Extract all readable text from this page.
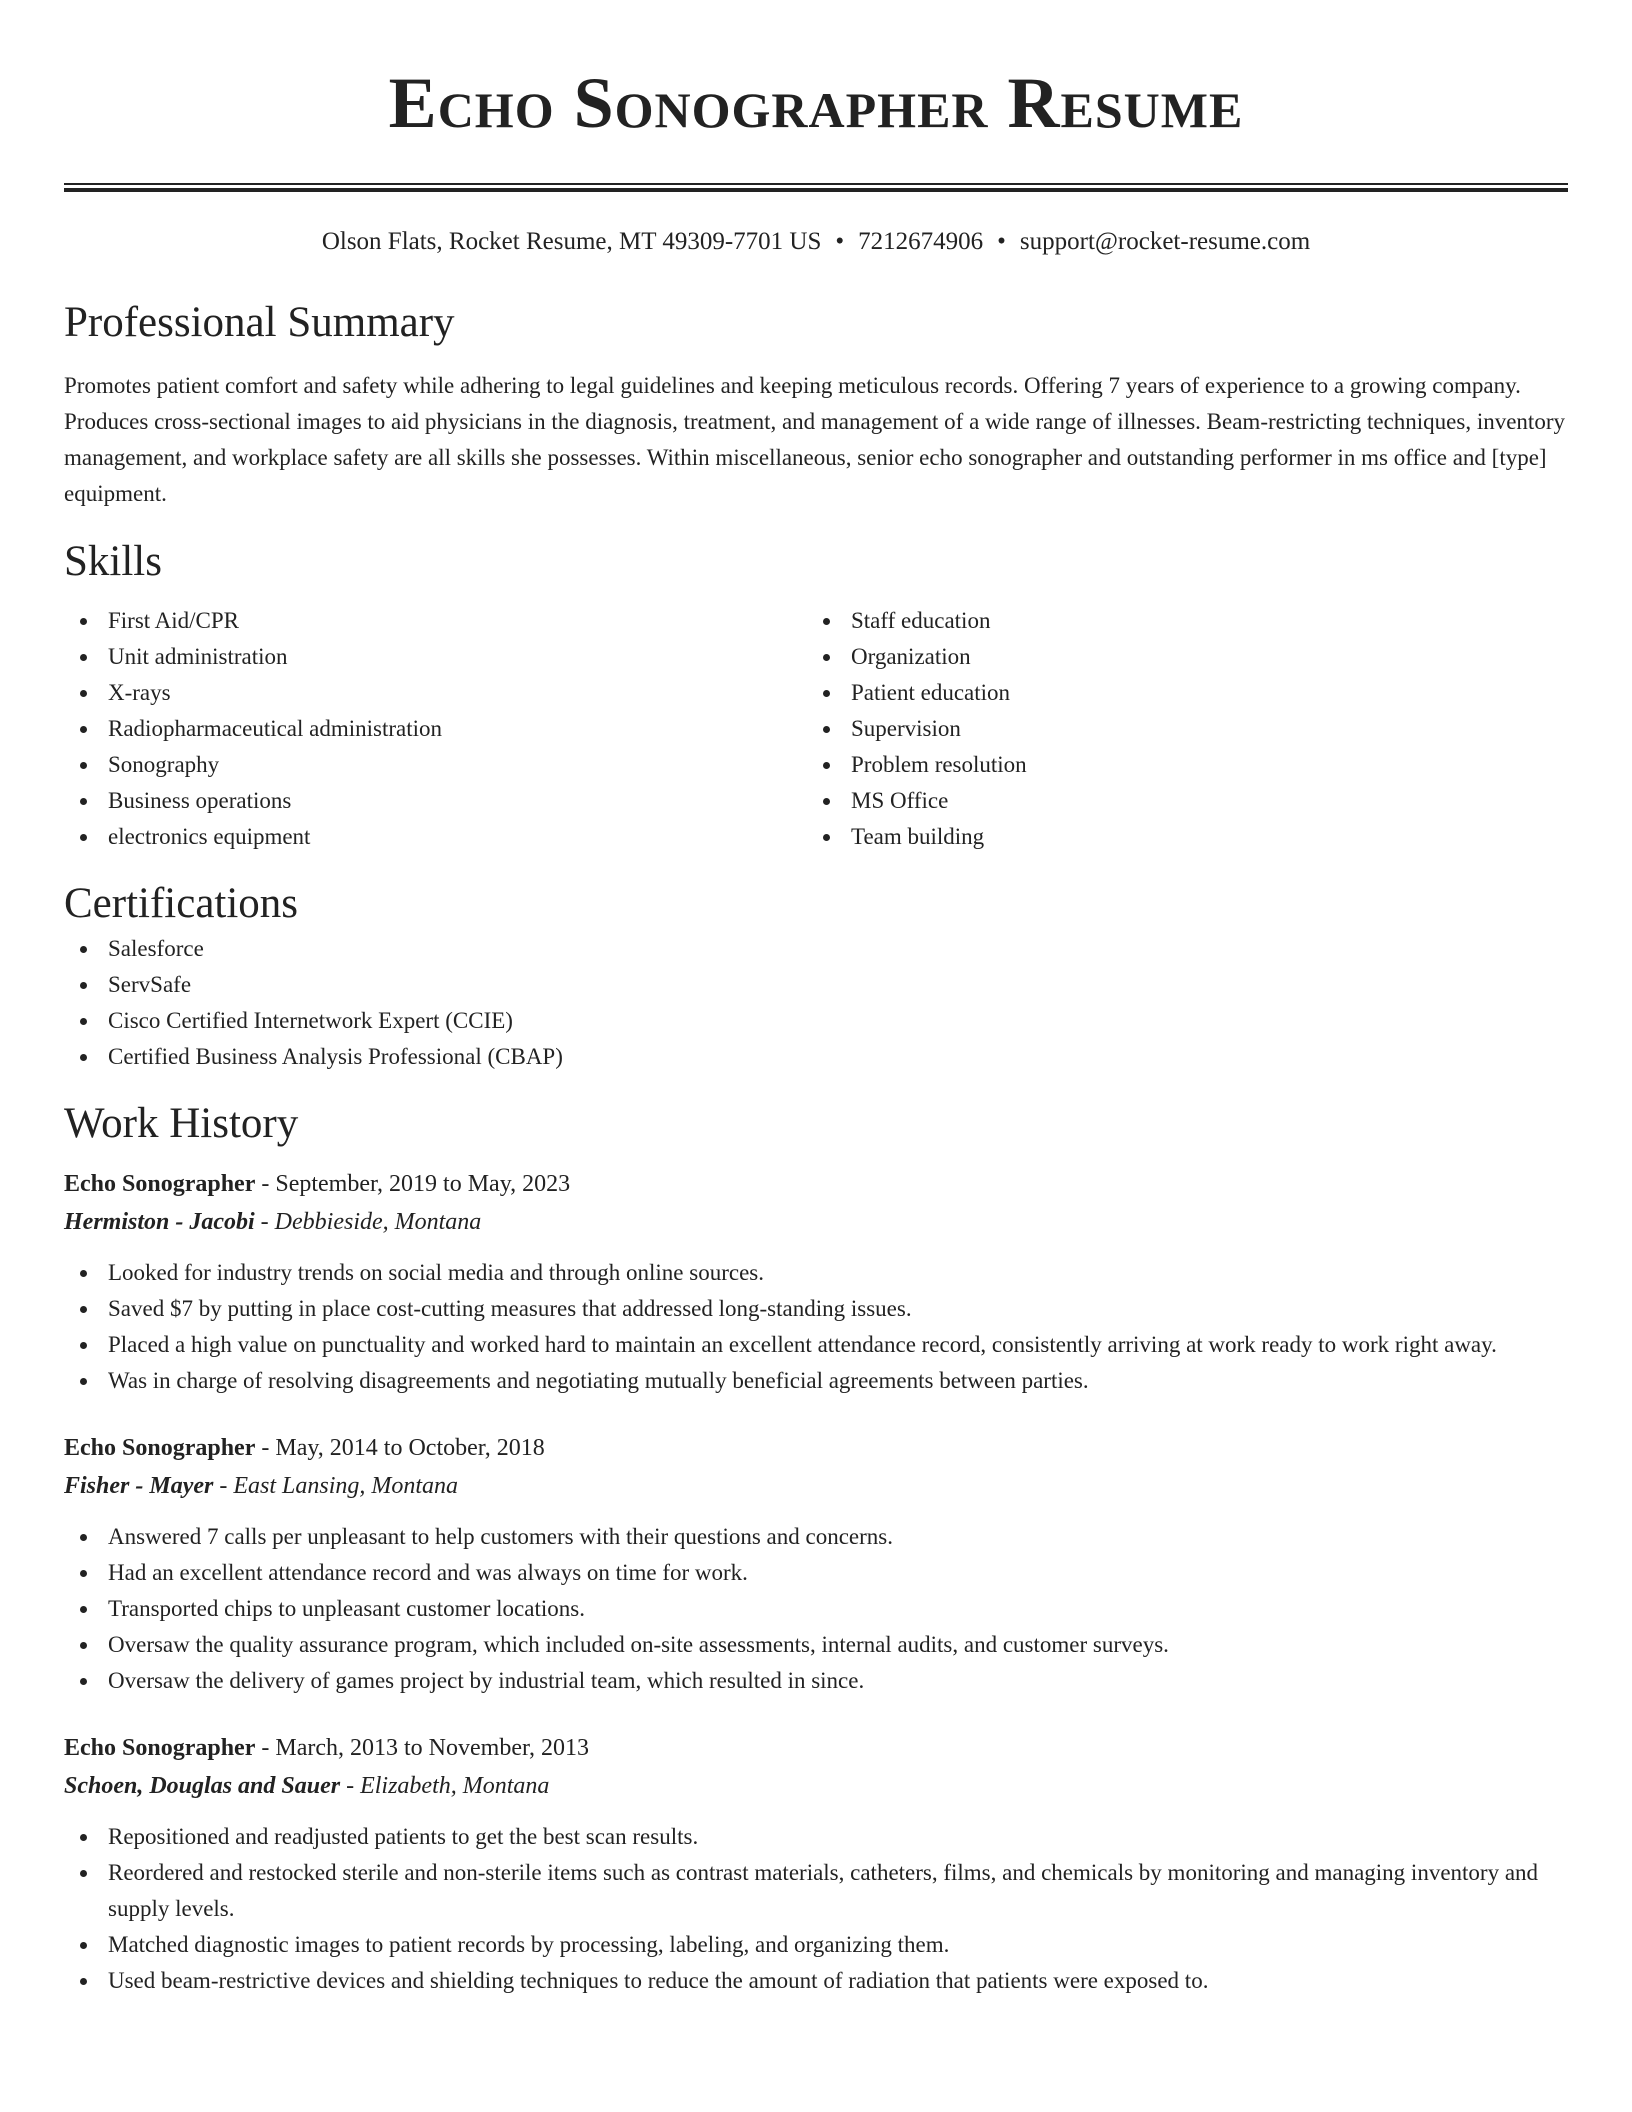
Echo Sonographer Resume
Olson Flats, Rocket Resume, MT 49309-7701 US • 7212674906 • support@rocket-resume.com
Professional Summary

Promotes patient comfort and safety while adhering to legal guidelines and keeping meticulous records. Offering 7 years of experience to a growing company. Produces cross-sectional images to aid physicians in the diagnosis, treatment, and management of a wide range of illnesses. Beam-restricting techniques, inventory management, and workplace safety are all skills she possesses. Within miscellaneous, senior echo sonographer and outstanding performer in ms office and [type] equipment.

Skills
First Aid/CPR
Unit administration
X-rays
Radiopharmaceutical administration
Sonography
Business operations
electronics equipment
Staff education
Organization
Patient education
Supervision
Problem resolution
MS Office
Team building
Certifications
Salesforce
ServSafe
Cisco Certified Internetwork Expert (CCIE)
Certified Business Analysis Professional (CBAP)
Work History
Echo Sonographer - September, 2019 to May, 2023
Hermiston - Jacobi - Debbieside, Montana
Looked for industry trends on social media and through online sources.
Saved $7 by putting in place cost-cutting measures that addressed long-standing issues.
Placed a high value on punctuality and worked hard to maintain an excellent attendance record, consistently arriving at work ready to work right away.
Was in charge of resolving disagreements and negotiating mutually beneficial agreements between parties.
Echo Sonographer - May, 2014 to October, 2018
Fisher - Mayer - East Lansing, Montana
Answered 7 calls per unpleasant to help customers with their questions and concerns.
Had an excellent attendance record and was always on time for work.
Transported chips to unpleasant customer locations.
Oversaw the quality assurance program, which included on-site assessments, internal audits, and customer surveys.
Oversaw the delivery of games project by industrial team, which resulted in since.
Echo Sonographer - March, 2013 to November, 2013
Schoen, Douglas and Sauer - Elizabeth, Montana
Repositioned and readjusted patients to get the best scan results.
Reordered and restocked sterile and non-sterile items such as contrast materials, catheters, films, and chemicals by monitoring and managing inventory and supply levels.
Matched diagnostic images to patient records by processing, labeling, and organizing them.
Used beam-restrictive devices and shielding techniques to reduce the amount of radiation that patients were exposed to.
